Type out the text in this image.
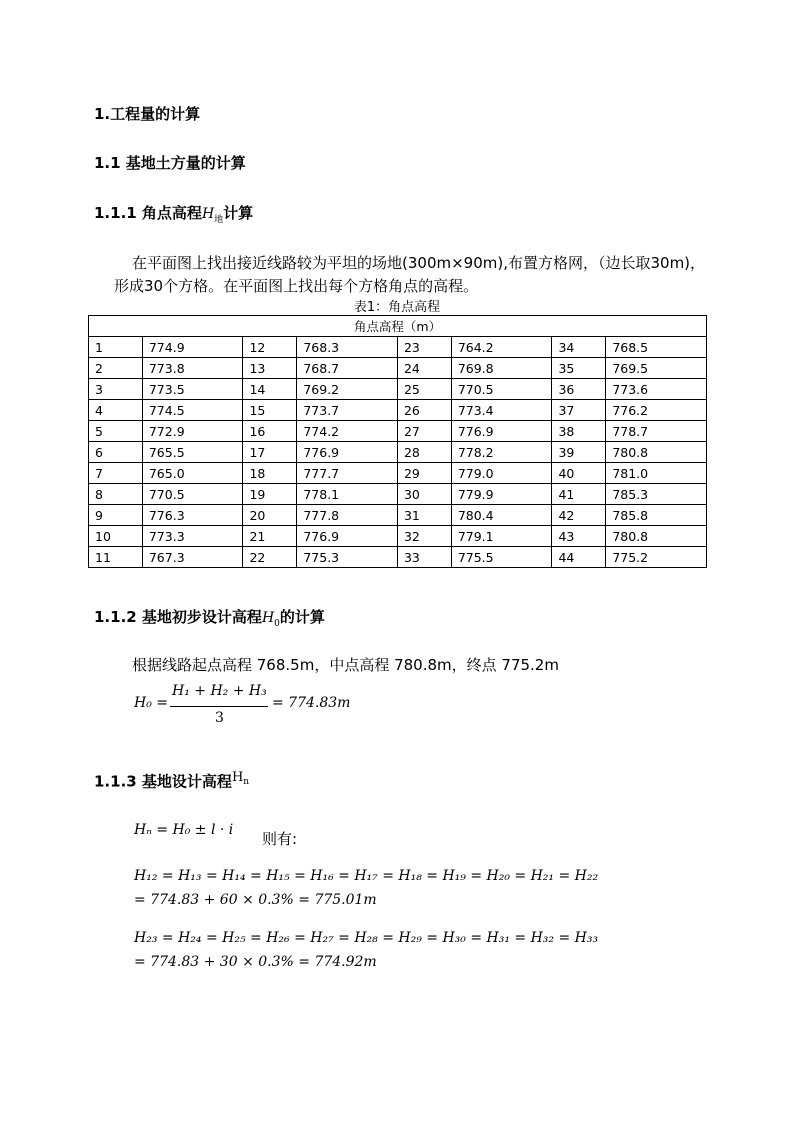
1.工程量的计算
1.1 基地土方量的计算
1.1.1 角点高程$H_地$计算
在平面图上找出接近线路较为平坦的场地(300m×90m),布置方格网，（边长取30m)，形成30个方格。在平面图上找出每个方格角点的高程。
表1：角点高程
角点高程（m）							
1	774.9	12	768.3	23	764.2	34	768.5
2	773.8	13	768.7	24	769.8	35	769.5
3	773.5	14	769.2	25	770.5	36	773.6
4	774.5	15	773.7	26	773.4	37	776.2
5	772.9	16	774.2	27	776.9	38	778.7
6	765.5	17	776.9	28	778.2	39	780.8
7	765.0	18	777.7	29	779.0	40	781.0
8	770.5	19	778.1	30	779.9	41	785.3
9	776.3	20	777.8	31	780.4	42	785.8
10	773.3	21	776.9	32	779.1	43	780.8
11	767.3	22	775.3	33	775.5	44	775.2
1.1.2 基地初步设计高程$H_0$的计算
根据线路起点高程 768.5m，中点高程 780.8m，终点 775.2m
H₀ =
H₁ + H₂ + H₃
3
= 774.83m
1.1.3 基地设计高程$^{H_n}$
Hₙ = H₀ ± l · i 则有:
H₁₂ = H₁₃ = H₁₄ = H₁₅ = H₁₆ = H₁₇ = H₁₈ = H₁₉ = H₂₀ = H₂₁ = H₂₂
= 774.83 + 60 × 0.3% = 775.01m
H₂₃ = H₂₄ = H₂₅ = H₂₆ = H₂₇ = H₂₈ = H₂₉ = H₃₀ = H₃₁ = H₃₂ = H₃₃
= 774.83 + 30 × 0.3% = 774.92m
